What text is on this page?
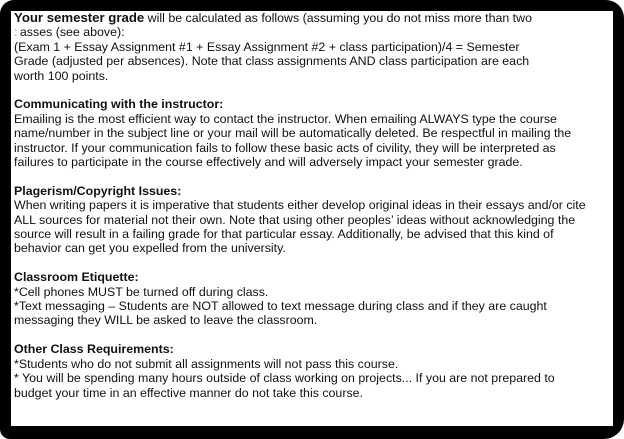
Your semester grade will be calculated as follows (assuming you do not miss more than two

: asses (see above):

(Exam 1 + Essay Assignment #1 + Essay Assignment #2 + class participation)/4 = Semester

Grade (adjusted per absences). Note that class assignments AND class participation are each

worth 100 points.

Communicating with the instructor:

Emailing is the most efficient way to contact the instructor. When emailing ALWAYS type the course

name/number in the subject line or your mail will be automatically deleted. Be respectful in mailing the

instructor. If your communication fails to follow these basic acts of civility, they will be interpreted as

failures to participate in the course effectively and will adversely impact your semester grade.

Plagerism/Copyright Issues:

When writing papers it is imperative that students either develop original ideas in their essays and/or cite

ALL sources for material not their own. Note that using other peoples’ ideas without acknowledging the

source will result in a failing grade for that particular essay. Additionally, be advised that this kind of

behavior can get you expelled from the university.

Classroom Etiquette:

*Cell phones MUST be turned off during class.

*Text messaging – Students are NOT allowed to text message during class and if they are caught

messaging they WILL be asked to leave the classroom.

Other Class Requirements:

*Students who do not submit all assignments will not pass this course.

* You will be spending many hours outside of class working on projects... If you are not prepared to

budget your time in an effective manner do not take this course.
